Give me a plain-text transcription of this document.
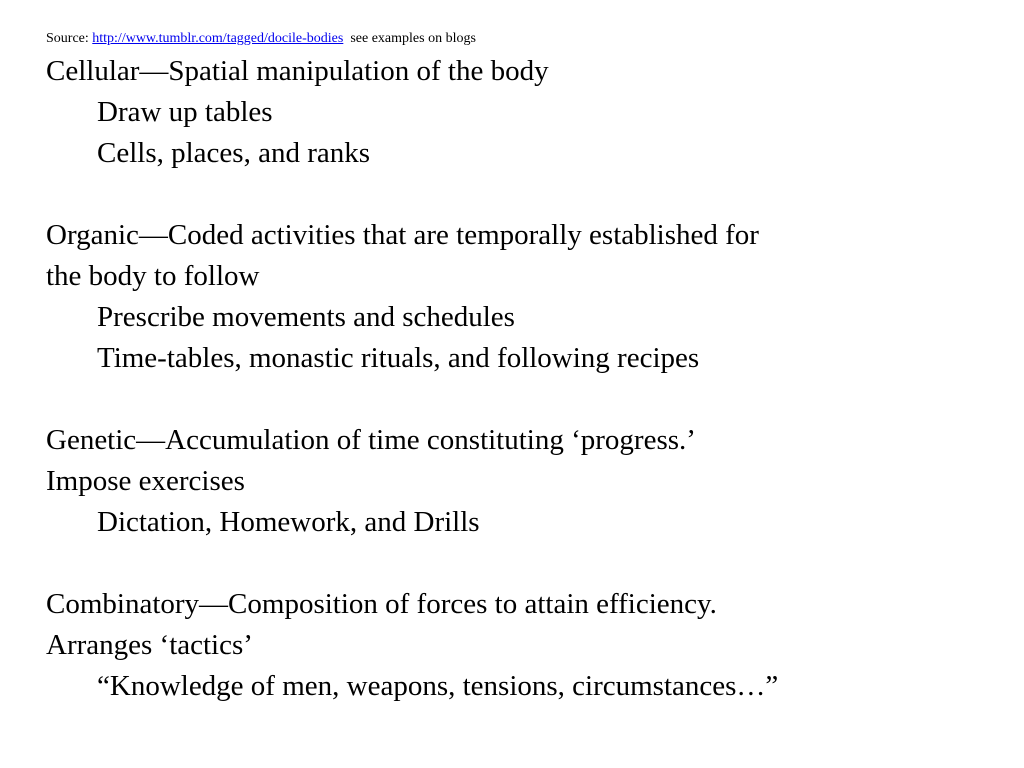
Source: http://www.tumblr.com/tagged/docile-bodies see examples on blogs
Cellular—Spatial manipulation of the body
Draw up tables
Cells, places, and ranks
Organic—Coded activities that are temporally established for
the body to follow
Prescribe movements and schedules
Time-tables, monastic rituals, and following recipes
Genetic—Accumulation of time constituting ‘progress.’
Impose exercises
Dictation, Homework, and Drills
Combinatory—Composition of forces to attain efficiency.
Arranges ‘tactics’
“Knowledge of men, weapons, tensions, circumstances…”
